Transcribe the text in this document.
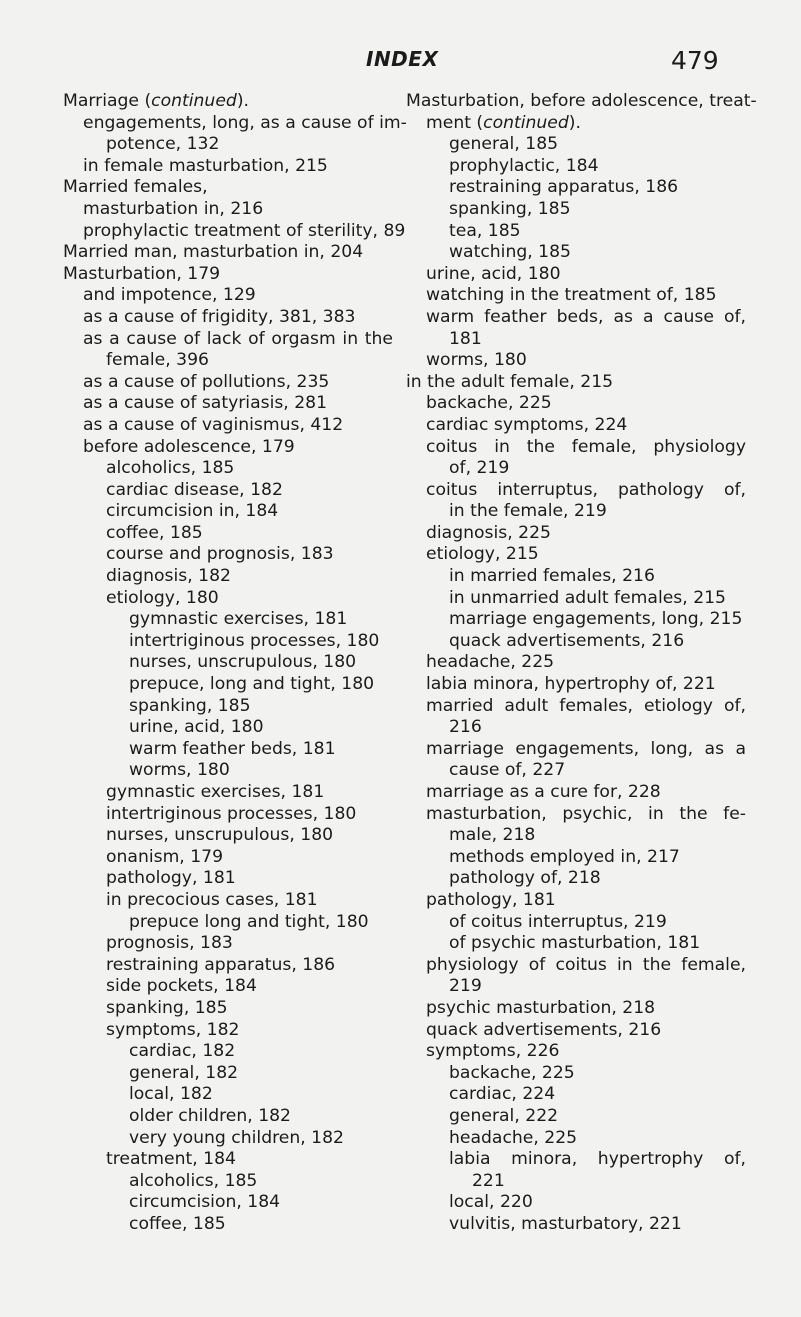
INDEX	479
Marriage (continued).
engagements, long, as a cause of im-
potence, 132
in female masturbation, 215
Married females,
masturbation in, 216
prophylactic treatment of sterility, 89
Married man, masturbation in, 204
Masturbation, 179
and impotence, 129
as a cause of frigidity, 381, 383
as a cause of lack of orgasm in the
female, 396
as a cause of pollutions, 235
as a cause of satyriasis, 281
as a cause of vaginismus, 412
before adolescence, 179
alcoholics, 185
cardiac disease, 182
circumcision in, 184
coffee, 185
course and prognosis, 183
diagnosis, 182
etiology, 180
gymnastic exercises, 181
intertriginous processes, 180
nurses, unscrupulous, 180
prepuce, long and tight, 180
spanking, 185
urine, acid, 180
warm feather beds, 181
worms, 180
gymnastic exercises, 181
intertriginous processes, 180
nurses, unscrupulous, 180
onanism, 179
pathology, 181
in precocious cases, 181
prepuce long and tight, 180
prognosis, 183
restraining apparatus, 186
side pockets, 184
spanking, 185
symptoms, 182
cardiac, 182
general, 182
local, 182
older children, 182
very young children, 182
treatment, 184
alcoholics, 185
circumcision, 184
coffee, 185
Masturbation, before adolescence, treat-
ment (continued).
general, 185
prophylactic, 184
restraining apparatus, 186
spanking, 185
tea, 185
watching, 185
urine, acid, 180
watching in the treatment of, 185
warm feather beds, as a cause of,
181
worms, 180
in the adult female, 215
backache, 225
cardiac symptoms, 224
coitus in the female, physiology
of, 219
coitus interruptus, pathology of,
in the female, 219
diagnosis, 225
etiology, 215
in married females, 216
in unmarried adult females, 215
marriage engagements, long, 215
quack advertisements, 216
headache, 225
labia minora, hypertrophy of, 221
married adult females, etiology of,
216
marriage engagements, long, as a
cause of, 227
marriage as a cure for, 228
masturbation, psychic, in the fe-
male, 218
methods employed in, 217
pathology of, 218
pathology, 181
of coitus interruptus, 219
of psychic masturbation, 181
physiology of coitus in the female,
219
psychic masturbation, 218
quack advertisements, 216
symptoms, 226
backache, 225
cardiac, 224
general, 222
headache, 225
labia minora, hypertrophy of,
221
local, 220
vulvitis, masturbatory, 221
